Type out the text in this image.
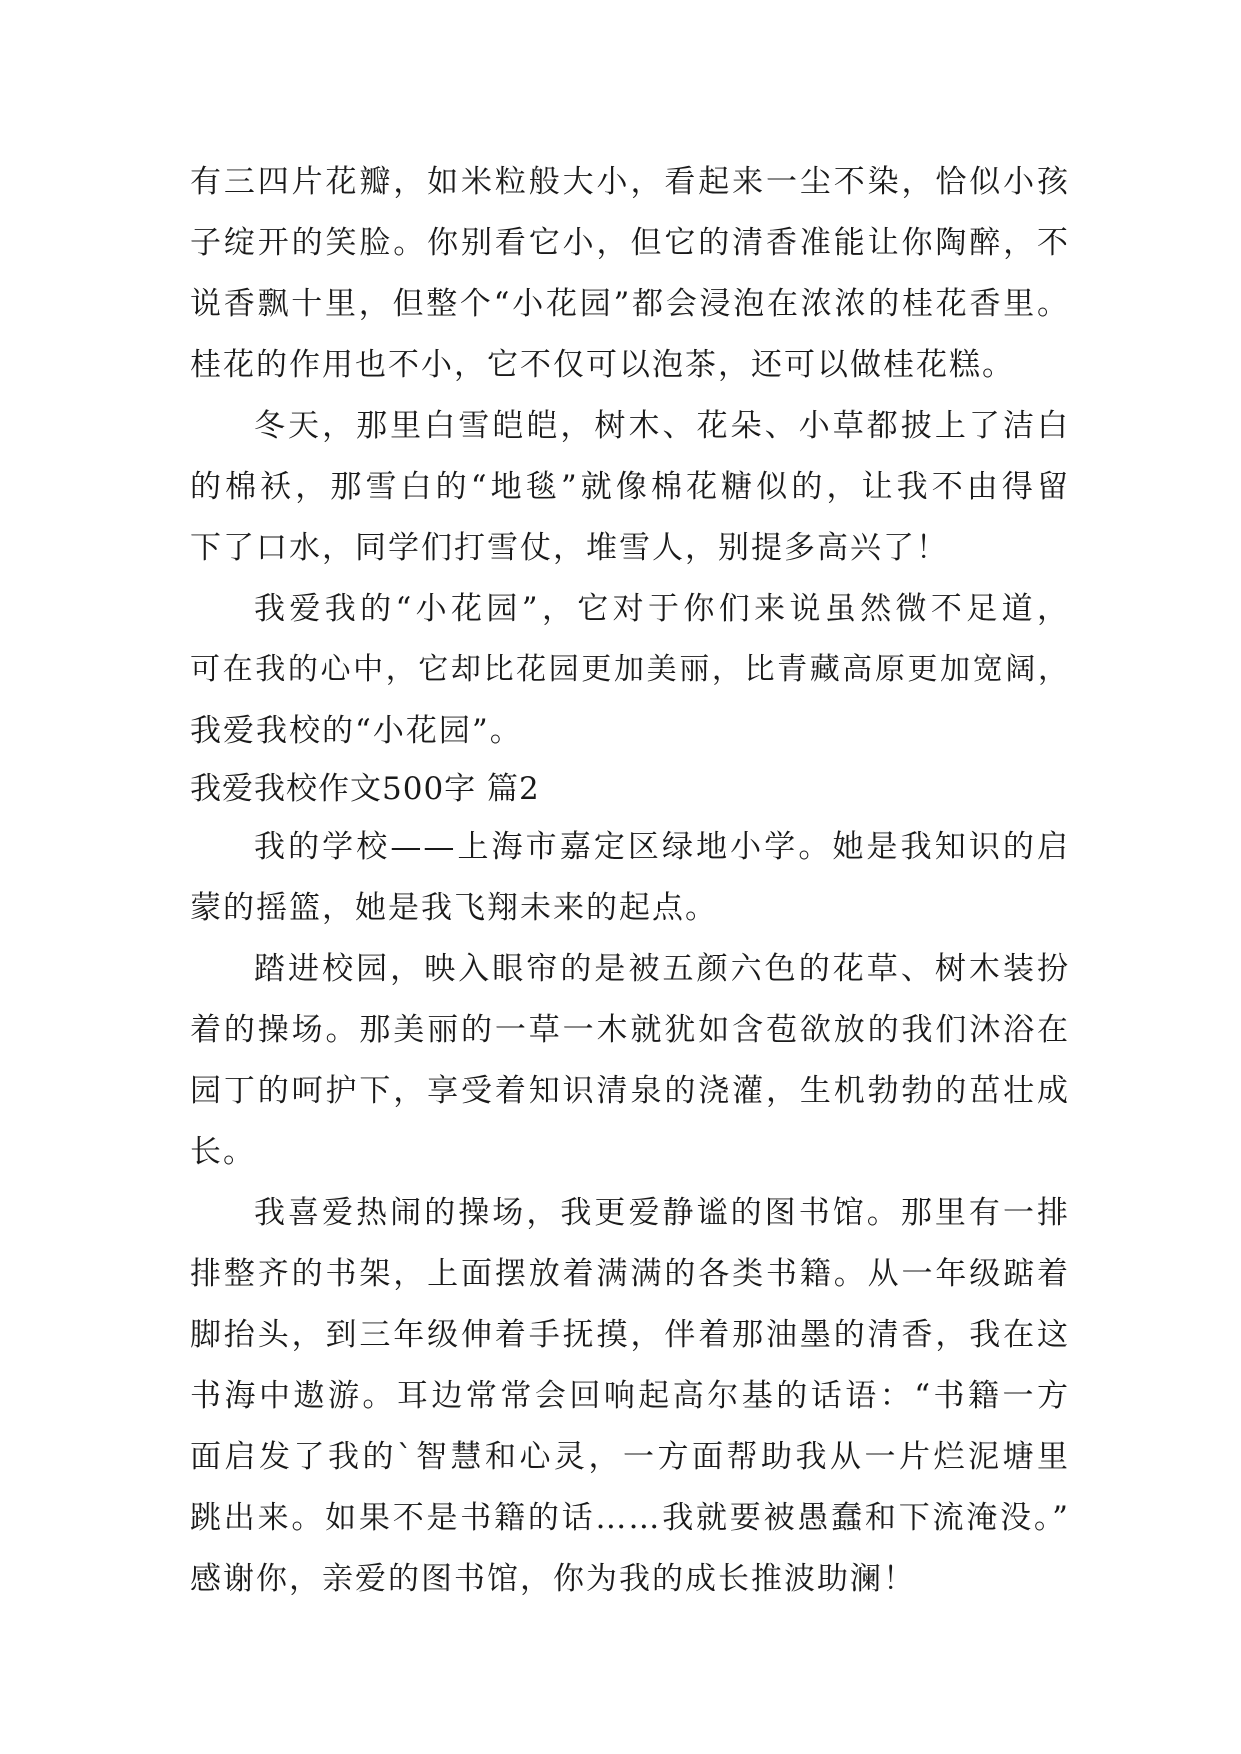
有三四片花瓣，如米粒般大小，看起来一尘不染，恰似小孩
子绽开的笑脸。你别看它小，但它的清香准能让你陶醉，不
说香飘十里，但整个“小花园”都会浸泡在浓浓的桂花香里。
桂花的作用也不小，它不仅可以泡茶，还可以做桂花糕。
冬天，那里白雪皑皑，树木、花朵、小草都披上了洁白
的棉袄，那雪白的“地毯”就像棉花糖似的，让我不由得留
下了口水，同学们打雪仗，堆雪人，别提多高兴了！
我爱我的“小花园”，它对于你们来说虽然微不足道，
可在我的心中，它却比花园更加美丽，比青藏高原更加宽阔，
我爱我校的“小花园”。
我爱我校作文500字 篇2
我的学校——上海市嘉定区绿地小学。她是我知识的启
蒙的摇篮，她是我飞翔未来的起点。
踏进校园，映入眼帘的是被五颜六色的花草、树木装扮
着的操场。那美丽的一草一木就犹如含苞欲放的我们沐浴在
园丁的呵护下，享受着知识清泉的浇灌，生机勃勃的茁壮成
长。
我喜爱热闹的操场，我更爱静谧的图书馆。那里有一排
排整齐的书架，上面摆放着满满的各类书籍。从一年级踮着
脚抬头，到三年级伸着手抚摸，伴着那油墨的清香，我在这
书海中遨游。耳边常常会回响起高尔基的话语：“书籍一方
面启发了我的`智慧和心灵，一方面帮助我从一片烂泥塘里
跳出来。如果不是书籍的话……我就要被愚蠢和下流淹没。”
感谢你，亲爱的图书馆，你为我的成长推波助澜！
